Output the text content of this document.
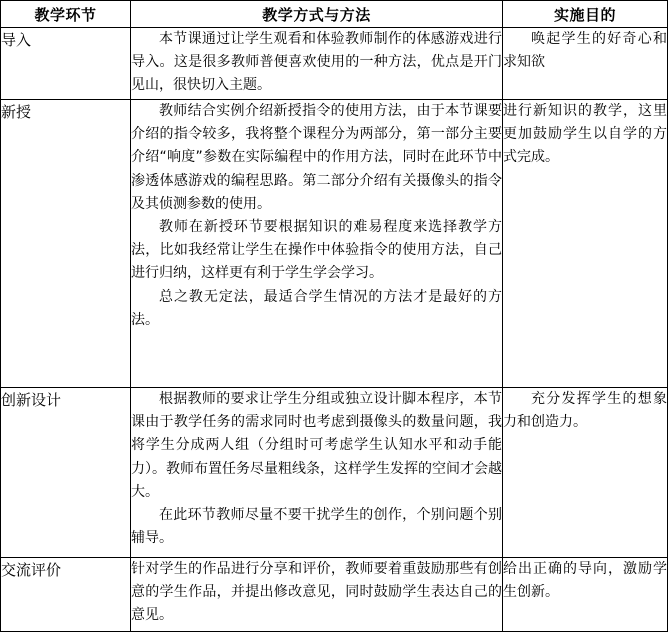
教学环节	教学方式与方法	实施目的
导入	本节课通过让学生观看和体验教师制作的体感游戏进行导入。这是很多教师普便喜欢使用的一种方法，优点是开门见山，很快切入主题。	唤起学生的好奇心和求知欲

新授	教师结合实例介绍新授指令的使用方法，由于本节课要介绍的指令较多，我将整个课程分为两部分，第一部分主要介绍“响度”参数在实际编程中的作用方法，同时在此环节中渗透体感游戏的编程思路。第二部分介绍有关摄像头的指令及其侦测参数的使用。

教师在新授环节要根据知识的难易程度来选择教学方法，比如我经常让学生在操作中体验指令的使用方法，自己进行归纳，这样更有利于学生学会学习。

总之教无定法，最适合学生情况的方法才是最好的方法。	进行新知识的教学，这里更加鼓励学生以自学的方式完成。

创新设计	根据教师的要求让学生分组或独立设计脚本程序，本节课由于教学任务的需求同时也考虑到摄像头的数量问题，我将学生分成两人组（分组时可考虑学生认知水平和动手能力）。教师布置任务尽量粗线条，这样学生发挥的空间才会越大。

在此环节教师尽量不要干扰学生的创作，个别问题个别辅导。	充分发挥学生的想象力和创造力。

交流评价	针对学生的作品进行分享和评价，教师要着重鼓励那些有创意的学生作品，并提出修改意见，同时鼓励学生表达自己的意见。	给出正确的导向，激励学生创新。
